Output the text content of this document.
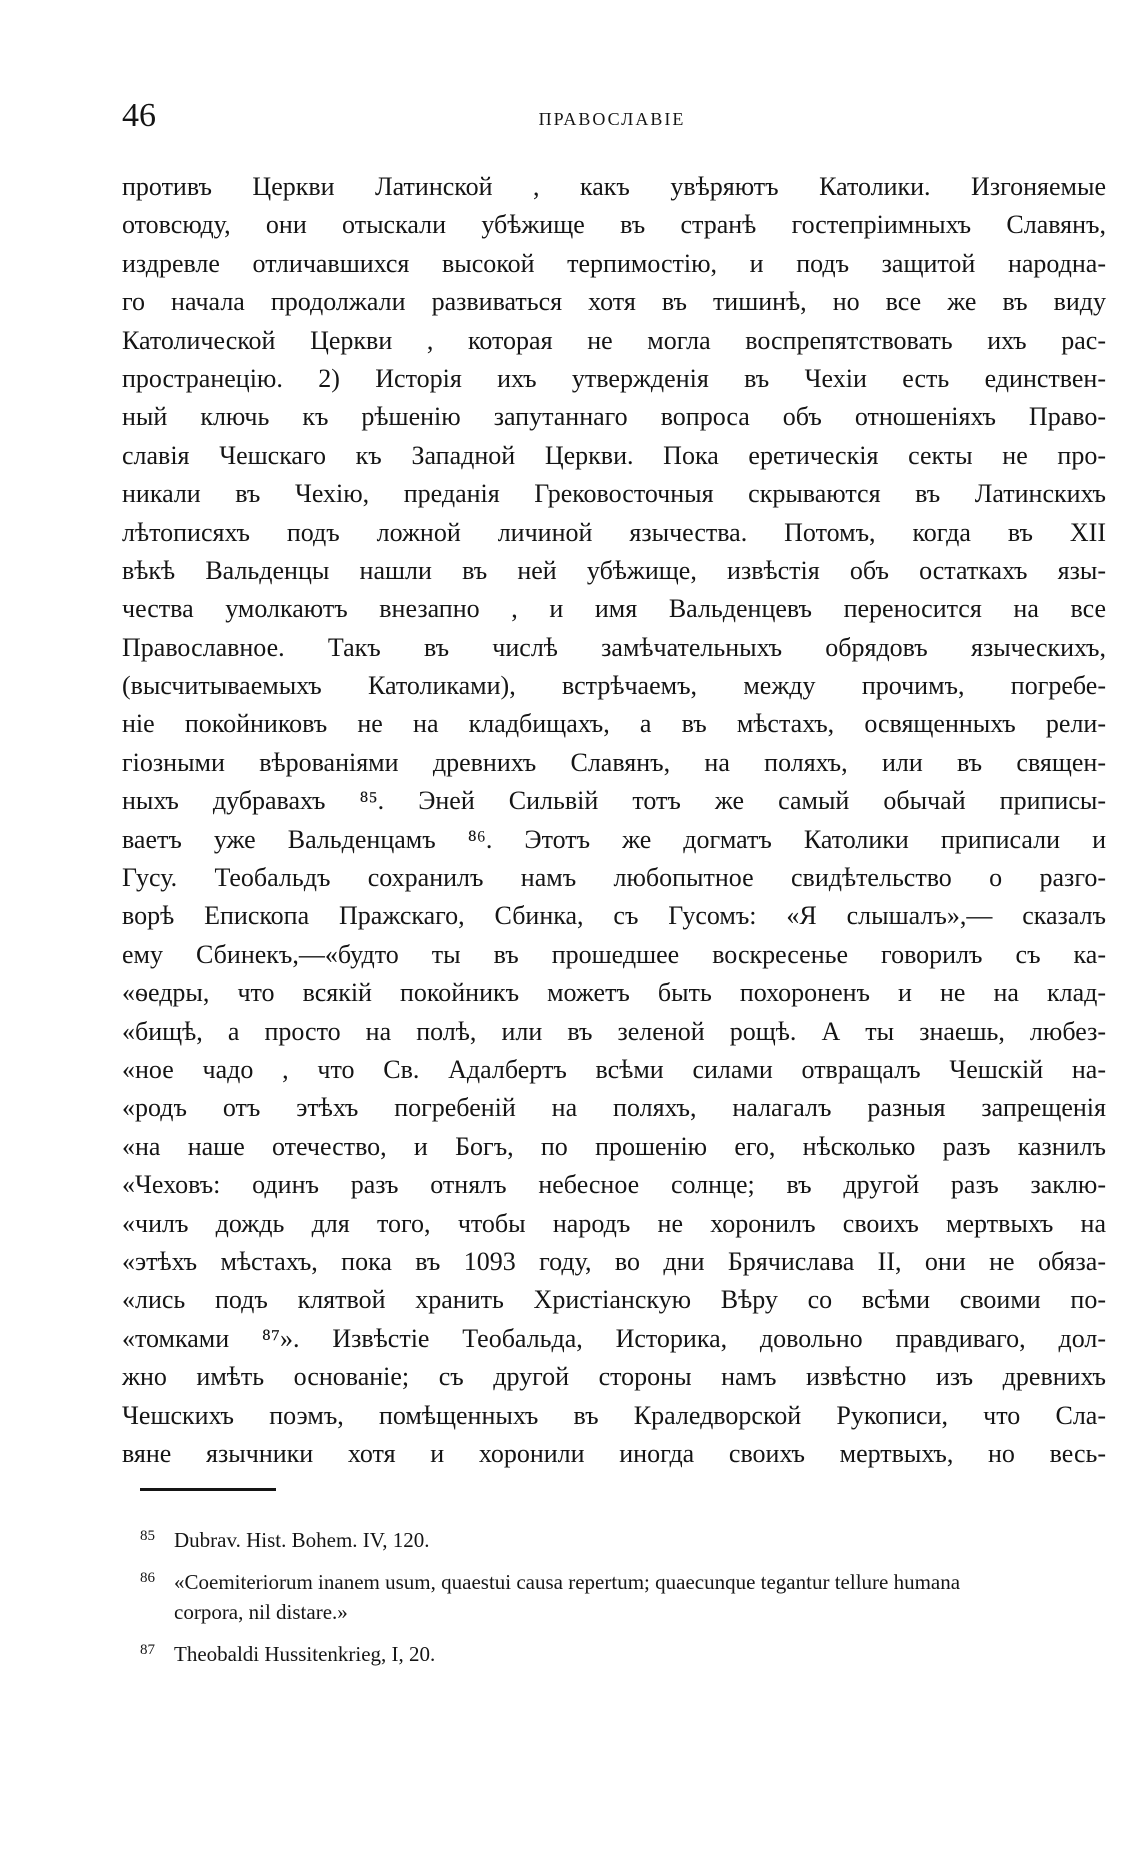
46	ПРАВОСЛАВІЕ
противъ Церкви Латинской , какъ увѣряютъ Католики. Изгоняемые
отовсюду, они отыскали убѣжище въ странѣ гостепріимныхъ Славянъ,
издревле отличавшихся высокой терпимостію, и подъ защитой народна-
го начала продолжали развиваться хотя въ тишинѣ, но все же въ виду
Католической Церкви , которая не могла воспрепятствовать ихъ рас-
пространецію. 2) Исторія ихъ утвержденія въ Чехіи есть единствен-
ный ключь къ рѣшенію запутаннаго вопроса объ отношеніяхъ Право-
славія Чешскаго къ Западной Церкви. Пока еретическія секты не про-
никали въ Чехію, преданія Грековосточныя скрываются въ Латинскихъ
лѣтописяхъ подъ ложной личиной язычества. Потомъ, когда въ XII
вѣкѣ Вальденцы нашли въ ней убѣжище, извѣстія объ остаткахъ язы-
чества умолкаютъ внезапно , и имя Вальденцевъ переносится на все
Православное. Такъ въ числѣ замѣчательныхъ обрядовъ языческихъ,
(высчитываемыхъ Католиками), встрѣчаемъ, между прочимъ, погребе-
ніе покойниковъ не на кладбищахъ, а въ мѣстахъ, освященныхъ рели-
гіозными вѣрованіями древнихъ Славянъ, на поляхъ, или въ священ-
ныхъ дубравахъ ⁸⁵. Эней Сильвій тотъ же самый обычай приписы-
ваетъ уже Вальденцамъ ⁸⁶. Этотъ же догматъ Католики приписали и
Гусу. Теобальдъ сохранилъ намъ любопытное свидѣтельство о разго-
ворѣ Епископа Пражскаго, Сбинка, съ Гусомъ: «Я слышалъ»,— сказалъ
ему Сбинекъ,—«будто ты въ прошедшее воскресенье говорилъ съ ка-
«ѳедры, что всякій покойникъ можетъ быть похороненъ и не на клад-
«бищѣ, а просто на полѣ, или въ зеленой рощѣ. А ты знаешь, любез-
«ное чадо , что Св. Адалбертъ всѣми силами отвращалъ Чешскій на-
«родъ отъ этѣхъ погребеній на поляхъ, налагалъ разныя запрещенія
«на наше отечество, и Богъ, по прошенію его, нѣсколько разъ казнилъ
«Чеховъ: одинъ разъ отнялъ небесное солнце; въ другой разъ заклю-
«чилъ дождь для того, чтобы народъ не хоронилъ своихъ мертвыхъ на
«этѣхъ мѣстахъ, пока въ 1093 году, во дни Брячислава II, они не обяза-
«лись подъ клятвой хранить Христіанскую Вѣру со всѣми своими по-
«томками ⁸⁷». Извѣстіе Теобальда, Историка, довольно правдиваго, дол-
жно имѣть основаніе; съ другой стороны намъ извѣстно изъ древнихъ
Чешскихъ поэмъ, помѣщенныхъ въ Краледворской Рукописи, что Сла-
вяне язычники хотя и хоронили иногда своихъ мертвыхъ, но весь-
85 Dubrav. Hist. Bohem. IV, 120.
86 «Coemiteriorum inanem usum, quaestui causa repertum; quaecunque tegantur tellure humana
corpora, nil distare.»
87 Theobaldi Hussitenkrieg, I, 20.
